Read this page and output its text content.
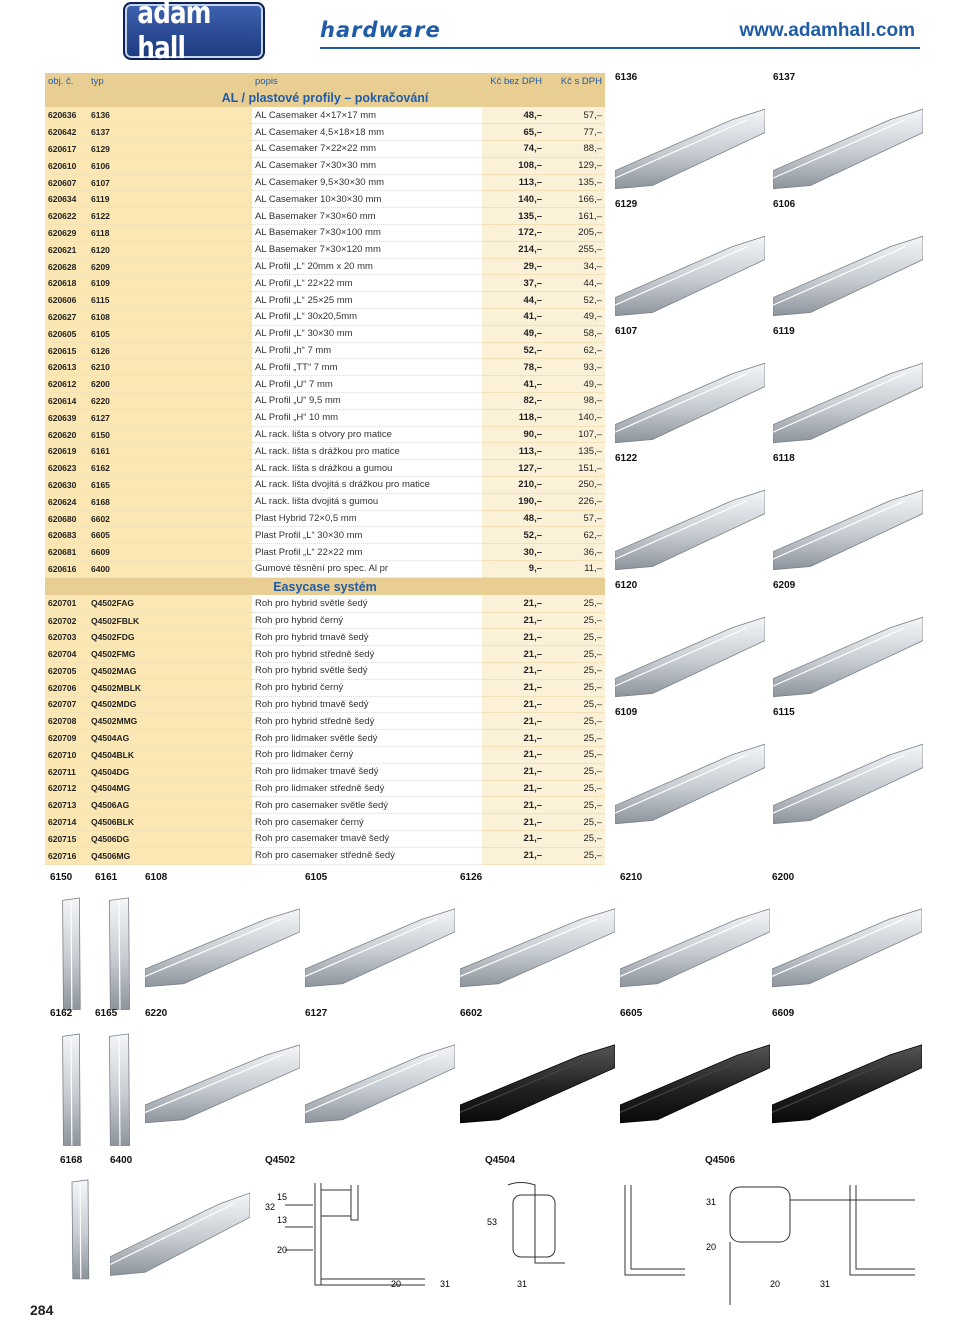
adam hall
hardware	www.adamhall.com
obj. č.	typ	popis	Kč bez DPH	Kč s DPH
AL / plastové profily – pokračování				
620636	6136	AL Casemaker 4×17×17 mm	48,–	57,–
620642	6137	AL Casemaker 4,5×18×18 mm	65,–	77,–
620617	6129	AL Casemaker 7×22×22 mm	74,–	88,–
620610	6106	AL Casemaker 7×30×30 mm	108,–	129,–
620607	6107	AL Casemaker 9,5×30×30 mm	113,–	135,–
620634	6119	AL Casemaker 10×30×30 mm	140,–	166,–
620622	6122	AL Basemaker 7×30×60 mm	135,–	161,–
620629	6118	AL Basemaker 7×30×100 mm	172,–	205,–
620621	6120	AL Basemaker 7×30×120 mm	214,–	255,–
620628	6209	AL Profil „L“ 20mm x 20 mm	29,–	34,–
620618	6109	AL Profil „L“ 22×22 mm	37,–	44,–
620606	6115	AL Profil „L“ 25×25 mm	44,–	52,–
620627	6108	AL Profil „L“ 30x20,5mm	41,–	49,–
620605	6105	AL Profil „L“ 30×30 mm	49,–	58,–
620615	6126	AL Profil „h“ 7 mm	52,–	62,–
620613	6210	AL Profil „TT“ 7 mm	78,–	93,–
620612	6200	AL Profil „U“ 7 mm	41,–	49,–
620614	6220	AL Profil „U“ 9,5 mm	82,–	98,–
620639	6127	AL Profil „H“ 10 mm	118,–	140,–
620620	6150	AL rack. lišta s otvory pro matice	90,–	107,–
620619	6161	AL rack. lišta s drážkou pro matice	113,–	135,–
620623	6162	AL rack. lišta s drážkou a gumou	127,–	151,–
620630	6165	AL rack. lišta dvojitá s drážkou pro matice	210,–	250,–
620624	6168	AL rack. lišta dvojitá s gumou	190,–	226,–
620680	6602	Plast Hybrid 72×0,5 mm	48,–	57,–
620683	6605	Plast Profil „L“ 30×30 mm	52,–	62,–
620681	6609	Plast Profil „L“ 22×22 mm	30,–	36,–
620616	6400	Gumové těsnění pro spec. Al pr	9,–	11,–
Easycase systém				
620701	Q4502FAG	Roh pro hybrid světle šedý	21,–	25,–
620702	Q4502FBLK	Roh pro hybrid černý	21,–	25,–
620703	Q4502FDG	Roh pro hybrid tmavě šedý	21,–	25,–
620704	Q4502FMG	Roh pro hybrid středně šedý	21,–	25,–
620705	Q4502MAG	Roh pro hybrid světle šedý	21,–	25,–
620706	Q4502MBLK	Roh pro hybrid černý	21,–	25,–
620707	Q4502MDG	Roh pro hybrid tmavě šedý	21,–	25,–
620708	Q4502MMG	Roh pro hybrid středně šedý	21,–	25,–
620709	Q4504AG	Roh pro lidmaker světle šedý	21,–	25,–
620710	Q4504BLK	Roh pro lidmaker černý	21,–	25,–
620711	Q4504DG	Roh pro lidmaker tmavě šedý	21,–	25,–
620712	Q4504MG	Roh pro lidmaker středně šedý	21,–	25,–
620713	Q4506AG	Roh pro casemaker světle šedý	21,–	25,–
620714	Q4506BLK	Roh pro casemaker černý	21,–	25,–
620715	Q4506DG	Roh pro casemaker tmavě šedý	21,–	25,–
620716	Q4506MG	Roh pro casemaker středně šedý	21,–	25,–
6136	6137
6129	6106
6107	6119
6122	6118
6120	6209
6109	6115
6150 6161	6108	6105	6126	6210	6200
6162 6165	6220	6127	6602	6605	6609
6168	6400	Q4502	Q4504	Q4506
15
32
13
20
20	31
53
31
31
20
20	31
284
